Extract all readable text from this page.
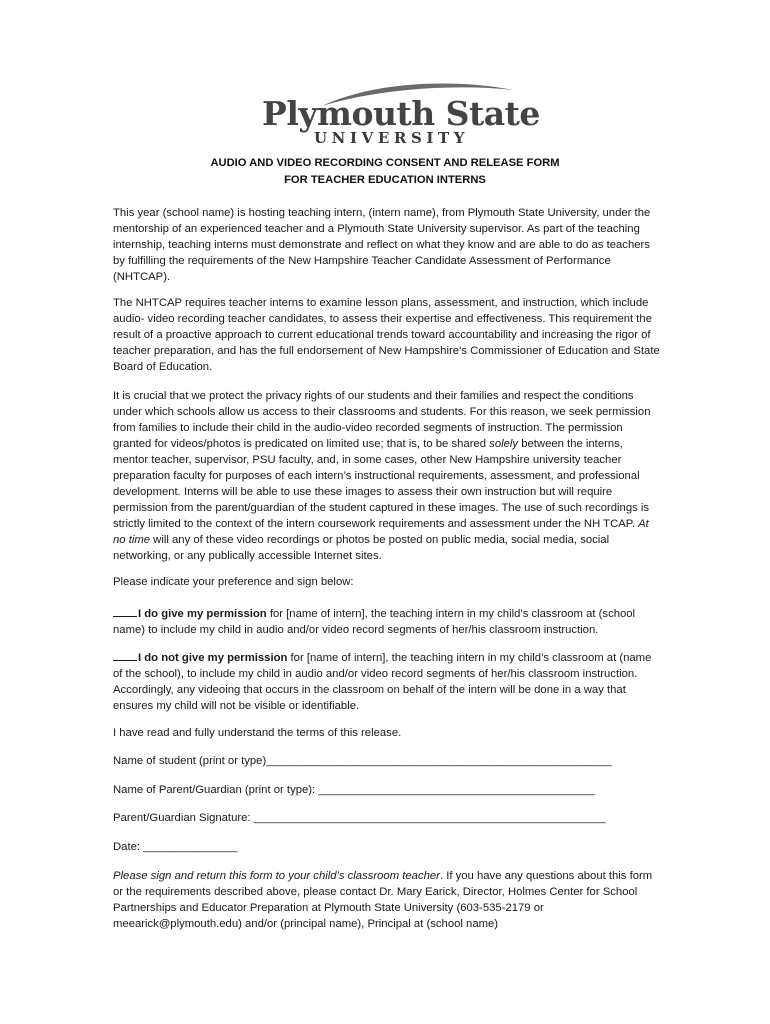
Plymouth State
UNIVERSITY
AUDIO AND VIDEO RECORDING CONSENT AND RELEASE FORM
FOR TEACHER EDUCATION INTERNS

This year (school name) is hosting teaching intern, (intern name), from Plymouth State University, under the mentorship of an experienced teacher and a Plymouth State University supervisor. As part of the teaching internship, teaching interns must demonstrate and reflect on what they know and are able to do as teachers by fulfilling the requirements of the New Hampshire Teacher Candidate Assessment of Performance (NHTCAP).

The NHTCAP requires teacher interns to examine lesson plans, assessment, and instruction, which include audio- video recording teacher candidates, to assess their expertise and effectiveness. This requirement the result of a proactive approach to current educational trends toward accountability and increasing the rigor of teacher preparation, and has the full endorsement of New Hampshire’s Commissioner of Education and State Board of Education.

It is crucial that we protect the privacy rights of our students and their families and respect the conditions under which schools allow us access to their classrooms and students. For this reason, we seek permission from families to include their child in the audio-video recorded segments of instruction. The permission granted for videos/photos is predicated on limited use; that is, to be shared solely between the interns, mentor teacher, supervisor, PSU faculty, and, in some cases, other New Hampshire university teacher preparation faculty for purposes of each intern’s instructional requirements, assessment, and professional development. Interns will be able to use these images to assess their own instruction but will require permission from the parent/guardian of the student captured in these images. The use of such recordings is strictly limited to the context of the intern coursework requirements and assessment under the NH TCAP. At no time will any of these video recordings or photos be posted on public media, social media, social networking, or any publically accessible Internet sites.

Please indicate your preference and sign below:

I do give my permission for [name of intern], the teaching intern in my child’s classroom at (school name) to include my child in audio and/or video record segments of her/his classroom instruction.

I do not give my permission for [name of intern], the teaching intern in my child’s classroom at (name of the school), to include my child in audio and/or video record segments of her/his classroom instruction. Accordingly, any videoing that occurs in the classroom on behalf of the intern will be done in a way that ensures my child will not be visible or identifiable.

I have read and fully understand the terms of this release.

Name of student (print or type)_______________________________________________________
Name of Parent/Guardian (print or type): ____________________________________________
Parent/Guardian Signature: ________________________________________________________
Date: _______________

Please sign and return this form to your child’s classroom teacher. If you have any questions about this form or the requirements described above, please contact Dr. Mary Earick, Director, Holmes Center for School Partnerships and Educator Preparation at Plymouth State University (603-535-2179 or meearick@plymouth.edu) and/or (principal name), Principal at (school name)
